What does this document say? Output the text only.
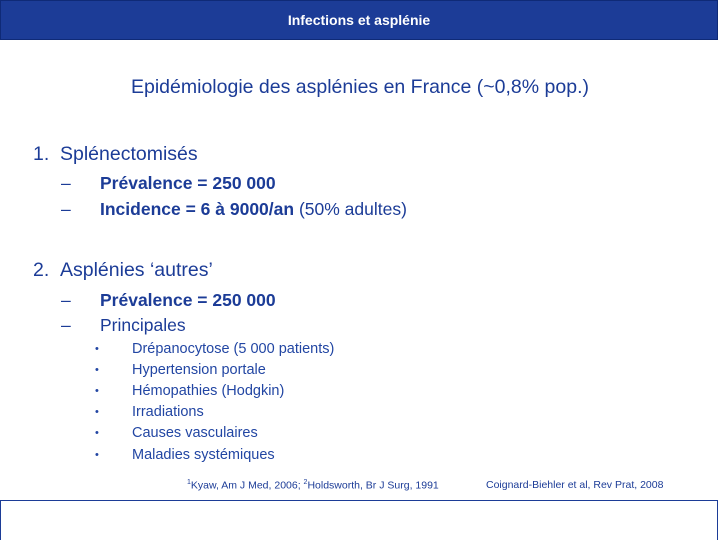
Infections et asplénie
Epidémiologie des asplénies en France (~0,8% pop.)
1. Splénectomisés
– Prévalence = 250 000
– Incidence = 6 à 9000/an (50% adultes)
2. Asplénies ‘autres’
– Prévalence = 250 000
– Principales
• Drépanocytose (5 000 patients)
• Hypertension portale
• Hémopathies (Hodgkin)
• Irradiations
• Causes vasculaires
• Maladies systémiques
$^1$Kyaw, Am J Med, 2006; $^2$Holdsworth, Br J Surg, 1991	Coignard-Biehler et al, Rev Prat, 2008
